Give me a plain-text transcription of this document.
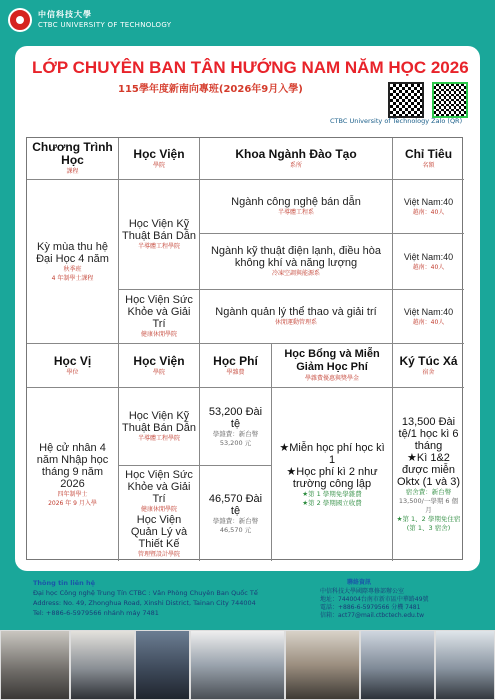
中信科技大學
CTBC UNIVERSITY OF TECHNOLOGY
LỚP CHUYÊN BAN TÂN HƯỚNG NAM NĂM HỌC 2026
115學年度新南向專班(2026年9月入學)
CTBC University of Technology Zalo (QR)
Chương Trình Học
課程
Học Viện
學院
Khoa Ngành Đào Tạo
系所
Chỉ Tiêu
名額
Kỳ mùa thu hệ Đại Học 4 năm
秋季班
4 年制學士課程
Học Viện Kỹ Thuật Bán Dẫn
半導體工程學院
Học Viện Sức Khỏe và Giải Trí
健康休閒學院
Ngành công nghệ bán dẫn
半導體工程系
Việt Nam:40
越南：40人
Ngành kỹ thuật điện lạnh, điều hòa không khí và năng lượng
冷凍空調與能源系
Việt Nam:40
越南：40人
Ngành quản lý thể thao và giải trí
休閒運動管理系
Việt Nam:40
越南：40人
Học Vị
學位
Học Viện
學院
Học Phí
學雜費
Học Bổng và Miễn Giảm Học Phí
學雜費優惠與獎學金
Ký Túc Xá
宿舍
Hệ cử nhân 4 năm Nhập học tháng 9 năm 2026
四年制學士
2026 年 9 月入學
Học Viện Kỹ Thuật Bán Dẫn
半導體工程學院
Học Viện Sức Khỏe và Giải Trí
健康休閒學院
Học Viện Quản Lý và Thiết Kế
管理暨設計學院
53,200 Đài tệ
學雜費：新台幣
53,200 元
46,570 Đài tệ
學雜費：新台幣
46,570 元
★Miễn học phí học kì 1
★Học phí kì 2 như trường công lập
★第 1 學期免學雜費
★第 2 學期國立收費
13,500 Đài tệ/1 học kì 6 tháng
★Kì 1&2 được miễn Oktx (1 và 3)
宿舍費：新台幣
13,500/一學期 6 個月
★第 1、2 學期免住宿(第 1、3 宿舍)
Thông tin liên hệ
Đại học Công nghệ Trung Tín CTBC : Văn Phòng Chuyên Ban Quốc Tế
Address: No. 49, Zhonghua Road, Xinshi District, Tainan City 744004
Tel: +886-6-5979566 nhánh máy 7481
聯絡資訊
中信科技大學國際專修部辦公室
地址：744004台南市新市區中華路49號
電話：+886-6-5979566 分機 7481
信箱：act77@mail.ctbctech.edu.tw
